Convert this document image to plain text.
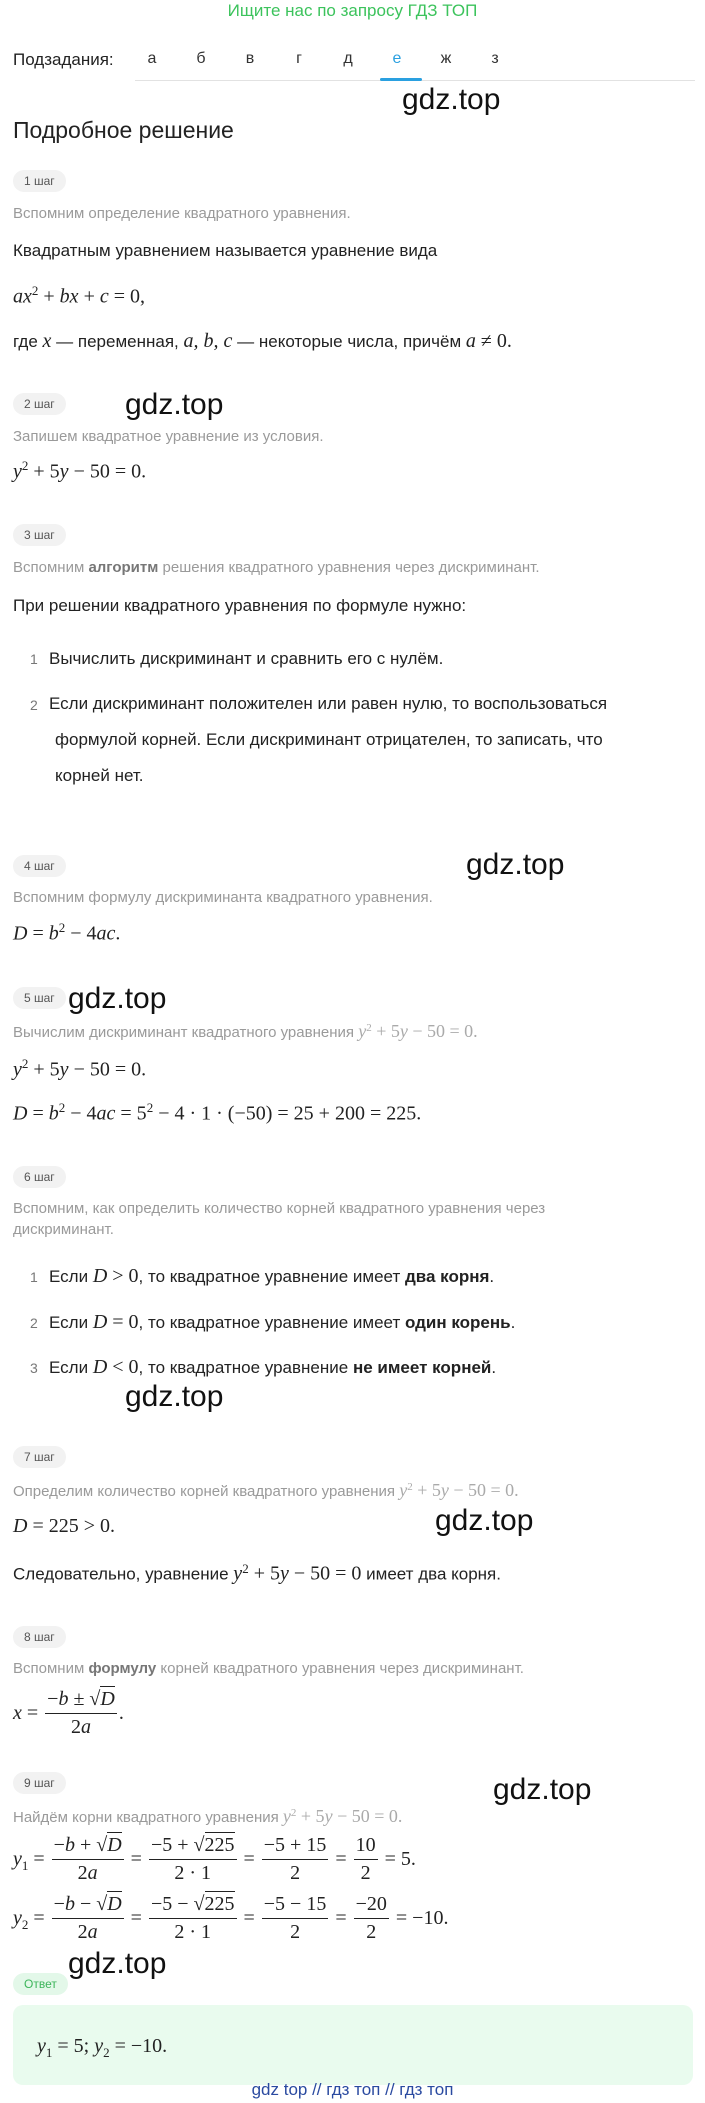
Ищите нас по запросу ГДЗ ТОП
Подзадания:	а	б	в	г	д	е	ж	з
gdz.top
Подробное решение
1 шаг
Вспомним определение квадратного уравнения.
Квадратным уравнением называется уравнение вида
$ax^2$ + bx + c = 0,
где x — переменная, a, b, c — некоторые числа, причём a ≠ 0.
gdz.top
2 шаг
Запишем квадратное уравнение из условия.
$y^2 + 5y - 50 = 0$.
3 шаг
Вспомним алгоритм решения квадратного уравнения через дискриминант.
При решении квадратного уравнения по формуле нужно:
1 Вычислить дискриминант и сравнить его с нулём.
2 Если дискриминант положителен или равен нулю, то воспользоваться
формулой корней. Если дискриминант отрицателен, то записать, что
корней нет.
gdz.top
4 шаг
Вспомним формулу дискриминанта квадратного уравнения.
$D = b^2 - 4ac$.
gdz.top
5 шаг
Вычислим дискриминант квадратного уравнения $y^2 + 5y - 50 = 0$.
$y^2 + 5y - 50 = 0$.
$D = b^2 - 4ac = 5^2 - 4 \cdot 1 \cdot (-50) = 25 + 200 = 225$.
6 шаг
Вспомним, как определить количество корней квадратного уравнения через
дискриминант.
1 Если D > 0, то квадратное уравнение имеет два корня.
2 Если D = 0, то квадратное уравнение имеет один корень.
3 Если D < 0, то квадратное уравнение не имеет корней.
gdz.top
7 шаг
Определим количество корней квадратного уравнения $y^2 + 5y - 50 = 0$.
D = 225 > 0.	gdz.top
Следовательно, уравнение $y^2 + 5y - 50 = 0$ имеет два корня.
8 шаг
Вспомним формулу корней квадратного уравнения через дискриминант.
$x = \frac{-b \pm √D}{2a}$ .
gdz.top
9 шаг
Найдём корни квадратного уравнения $y^2 + 5y - 50 = 0$.
$y_1 = \frac{-b + √D}{2a} = \frac{-5 + √225}{2 \cdot 1} = \frac{-5 + 15}{2} = \frac{10}{2} = 5$.
$y_2 = \frac{-b - √D}{2a} = \frac{-5 - √225}{2 \cdot 1} = \frac{-5 - 15}{2} = \frac{-20}{2} = -10$.
Ответ
gdz.top
$y_1 = 5$; $y_2 = -10$.
gdz top // гдз топ // гдз топ
